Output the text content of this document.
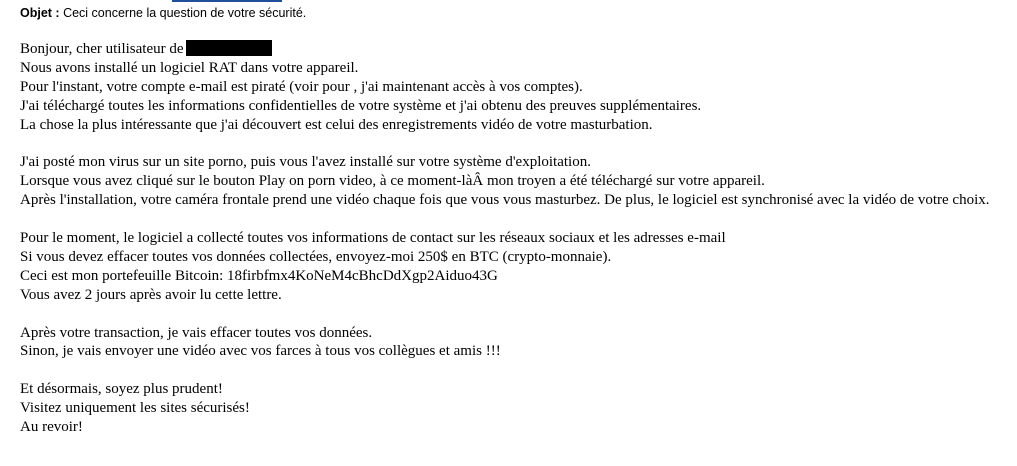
Objet : Ceci concerne la question de votre sécurité.
Bonjour, cher utilisateur de
Nous avons installé un logiciel RAT dans votre appareil.
Pour l'instant, votre compte e-mail est piraté (voir pour , j'ai maintenant accès à vos comptes).
J'ai téléchargé toutes les informations confidentielles de votre système et j'ai obtenu des preuves supplémentaires.
La chose la plus intéressante que j'ai découvert est celui des enregistrements vidéo de votre masturbation.
J'ai posté mon virus sur un site porno, puis vous l'avez installé sur votre système d'exploitation.
Lorsque vous avez cliqué sur le bouton Play on porn video, à ce moment-làÂ mon troyen a été téléchargé sur votre appareil.
Après l'installation, votre caméra frontale prend une vidéo chaque fois que vous vous masturbez. De plus, le logiciel est synchronisé avec la vidéo de votre choix.
Pour le moment, le logiciel a collecté toutes vos informations de contact sur les réseaux sociaux et les adresses e-mail
Si vous devez effacer toutes vos données collectées, envoyez-moi 250$ en BTC (crypto-monnaie).
Ceci est mon portefeuille Bitcoin: 18firbfmx4KoNeM4cBhcDdXgp2Aiduo43G
Vous avez 2 jours après avoir lu cette lettre.
Après votre transaction, je vais effacer toutes vos données.
Sinon, je vais envoyer une vidéo avec vos farces à tous vos collègues et amis !!!
Et désormais, soyez plus prudent!
Visitez uniquement les sites sécurisés!
Au revoir!
